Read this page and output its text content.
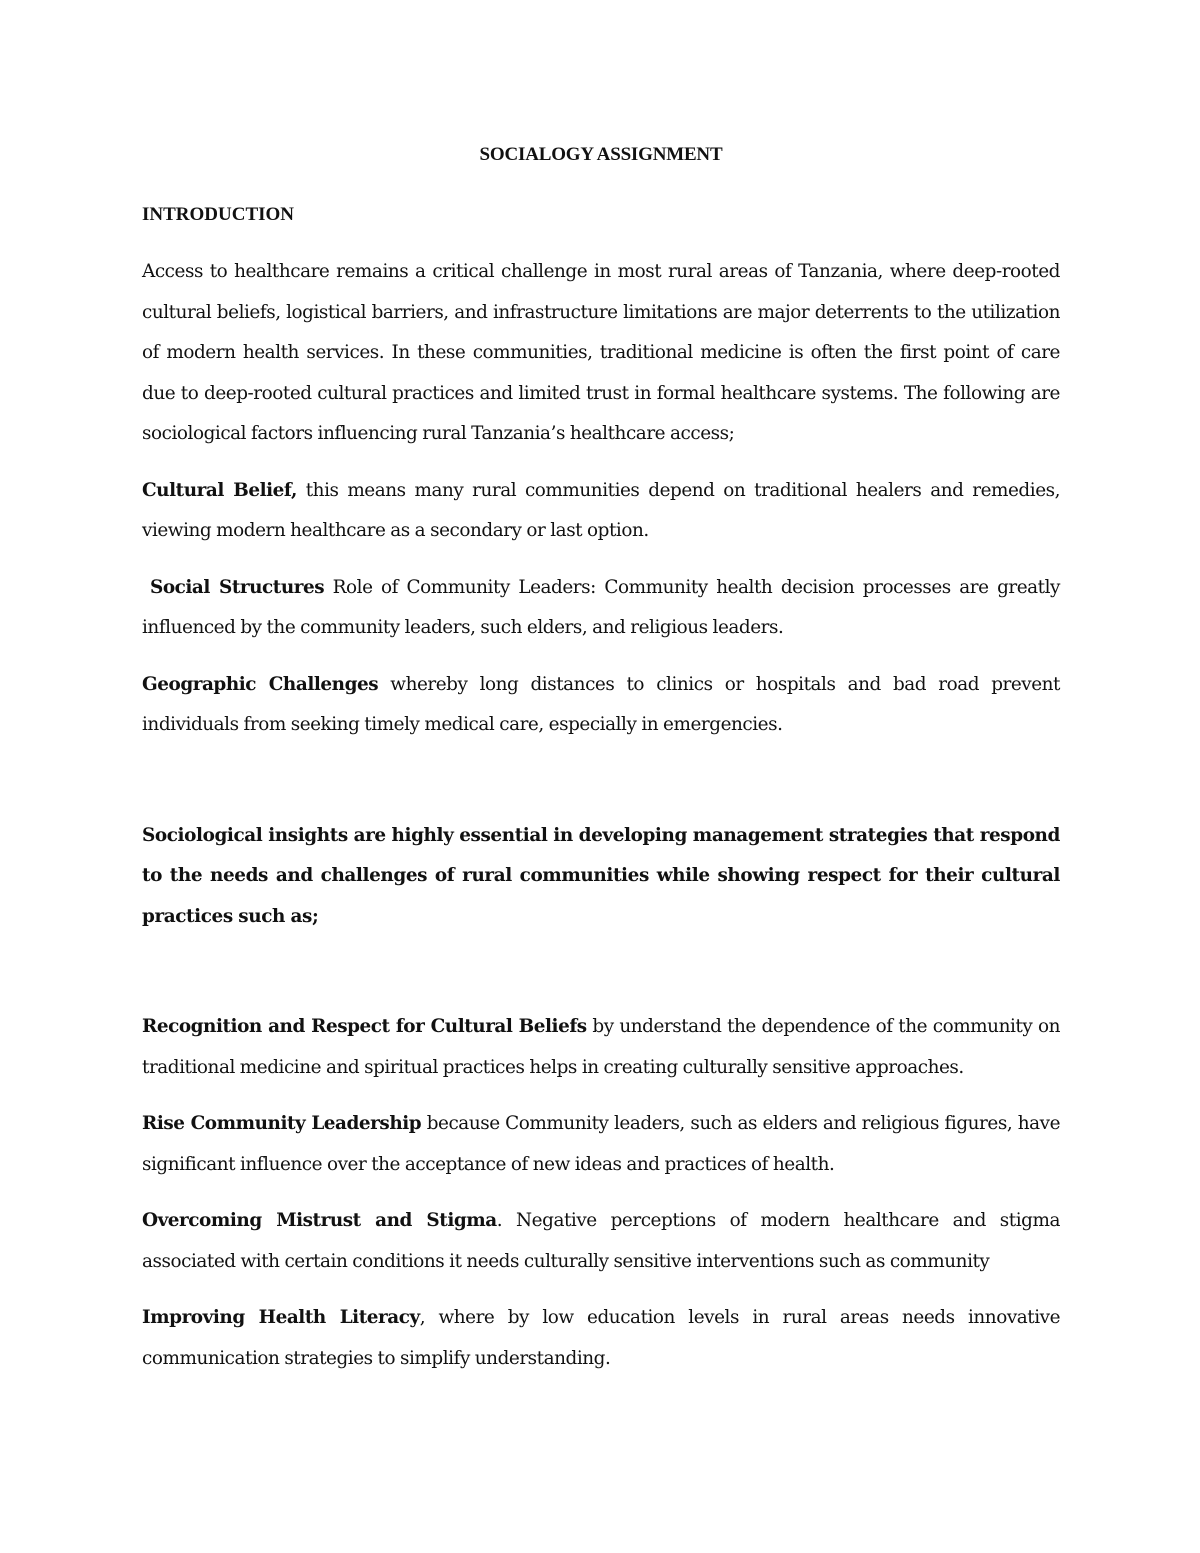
SOCIALOGY ASSIGNMENT
INTRODUCTION

Access to healthcare remains a critical challenge in most rural areas of Tanzania, where deep-rooted cultural beliefs, logistical barriers, and infrastructure limitations are major deterrents to the utilization of modern health services. In these communities, traditional medicine is often the first point of care due to deep-rooted cultural practices and limited trust in formal healthcare systems. The following are sociological factors influencing rural Tanzania’s healthcare access;

Cultural Belief, this means many rural communities depend on traditional healers and remedies, viewing modern healthcare as a secondary or last option.

Social Structures Role of Community Leaders: Community health decision processes are greatly influenced by the community leaders, such elders, and religious leaders.

Geographic Challenges whereby long distances to clinics or hospitals and bad road prevent individuals from seeking timely medical care, especially in emergencies.

Sociological insights are highly essential in developing management strategies that respond to the needs and challenges of rural communities while showing respect for their cultural practices such as;

Recognition and Respect for Cultural Beliefs by understand the dependence of the community on traditional medicine and spiritual practices helps in creating culturally sensitive approaches.

Rise Community Leadership because Community leaders, such as elders and religious figures, have significant influence over the acceptance of new ideas and practices of health.

Overcoming Mistrust and Stigma. Negative perceptions of modern healthcare and stigma associated with certain conditions it needs culturally sensitive interventions such as community

Improving Health Literacy, where by low education levels in rural areas needs innovative communication strategies to simplify understanding.
